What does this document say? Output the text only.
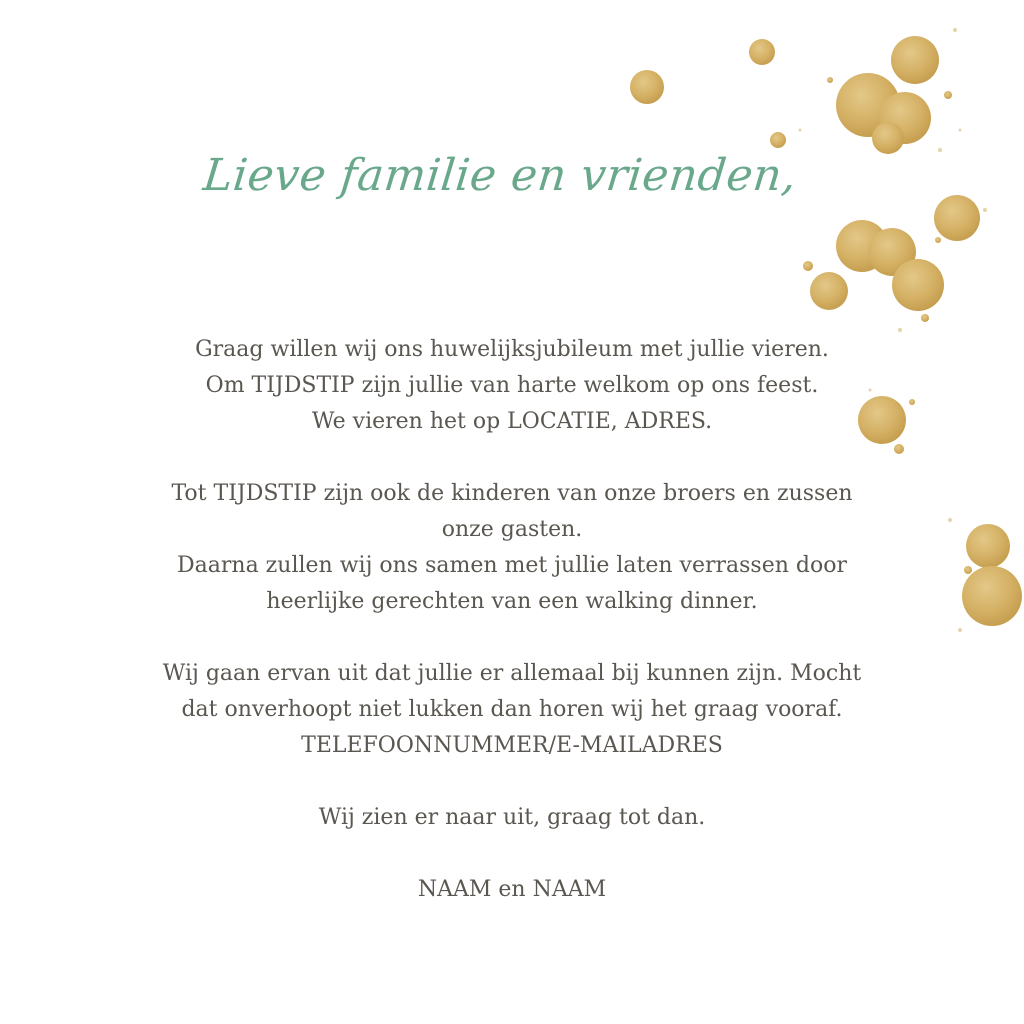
Lieve familie en vrienden,

Graag willen wij ons huwelijksjubileum met jullie vieren.
Om TIJDSTIP zijn jullie van harte welkom op ons feest.
We vieren het op LOCATIE, ADRES.

Tot TIJDSTIP zijn ook de kinderen van onze broers en zussen
onze gasten.
Daarna zullen wij ons samen met jullie laten verrassen door
heerlijke gerechten van een walking dinner.

Wij gaan ervan uit dat jullie er allemaal bij kunnen zijn. Mocht
dat onverhoopt niet lukken dan horen wij het graag vooraf.
TELEFOONNUMMER/E-MAILADRES

Wij zien er naar uit, graag tot dan.

NAAM en NAAM
